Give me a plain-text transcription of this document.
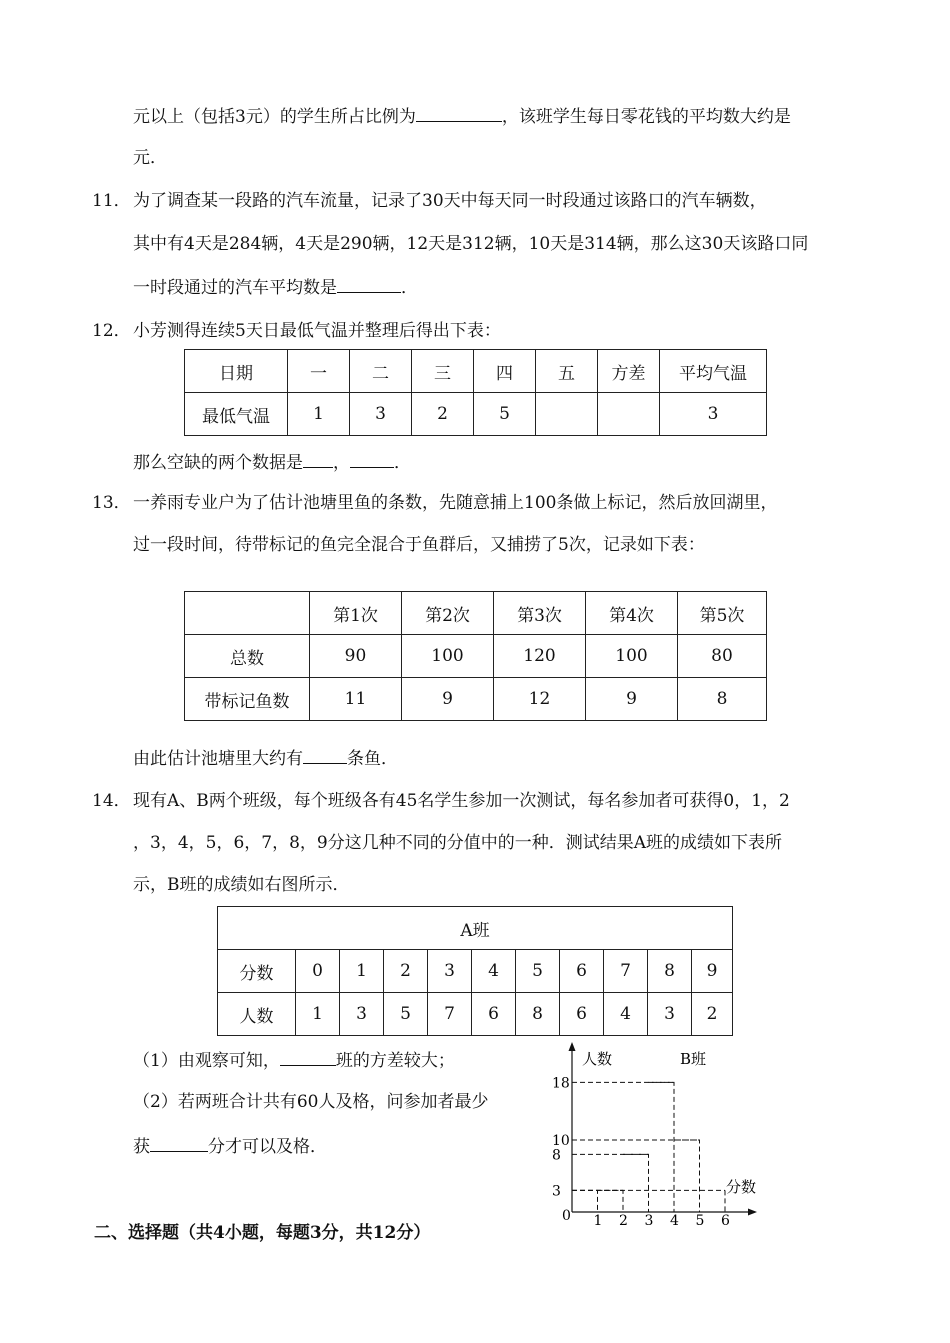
元以上（包括3元）的学生所占比例为	，该班学生每日零花钱的平均数大约是
元．
11． 为了调查某一段路的汽车流量，记录了30天中每天同一时段通过该路口的汽车辆数，
其中有4天是284辆，4天是290辆，12天是312辆，10天是314辆，那么这30天该路口同
一时段通过的汽车平均数是	．
12． 小芳测得连续5天日最低气温并整理后得出下表：
日期	一	二	三	四	五	方差	平均气温
最低气温	1	3	2	5			3
那么空缺的两个数据是 ，	．
13． 一养雨专业户为了估计池塘里鱼的条数，先随意捕上100条做上标记，然后放回湖里，
过一段时间，待带标记的鱼完全混合于鱼群后，又捕捞了5次，记录如下表：
	第1次	第2次	第3次	第4次	第5次
总数	90	100	120	100	80
带标记鱼数	11	9	12	9	8
由此估计池塘里大约有	条鱼．
14． 现有A、B两个班级，每个班级各有45名学生参加一次测试，每名参加者可获得0，1，2
，3，4，5，6，7，8，9分这几种不同的分值中的一种．测试结果A班的成绩如下表所
示，B班的成绩如右图所示．
A班										
分数	0	1	2	3	4	5	6	7	8	9
人数	1	3	5	7	6	8	6	4	3	2
（1）由观察可知，	班的方差较大；
（2）若两班合计共有60人及格，问参加者最少
获	分才可以及格．
人数	B班
分数
0 1 2 3 4 5 6
3
8
10
18
二、选择题（共4小题，每题3分，共12分）
